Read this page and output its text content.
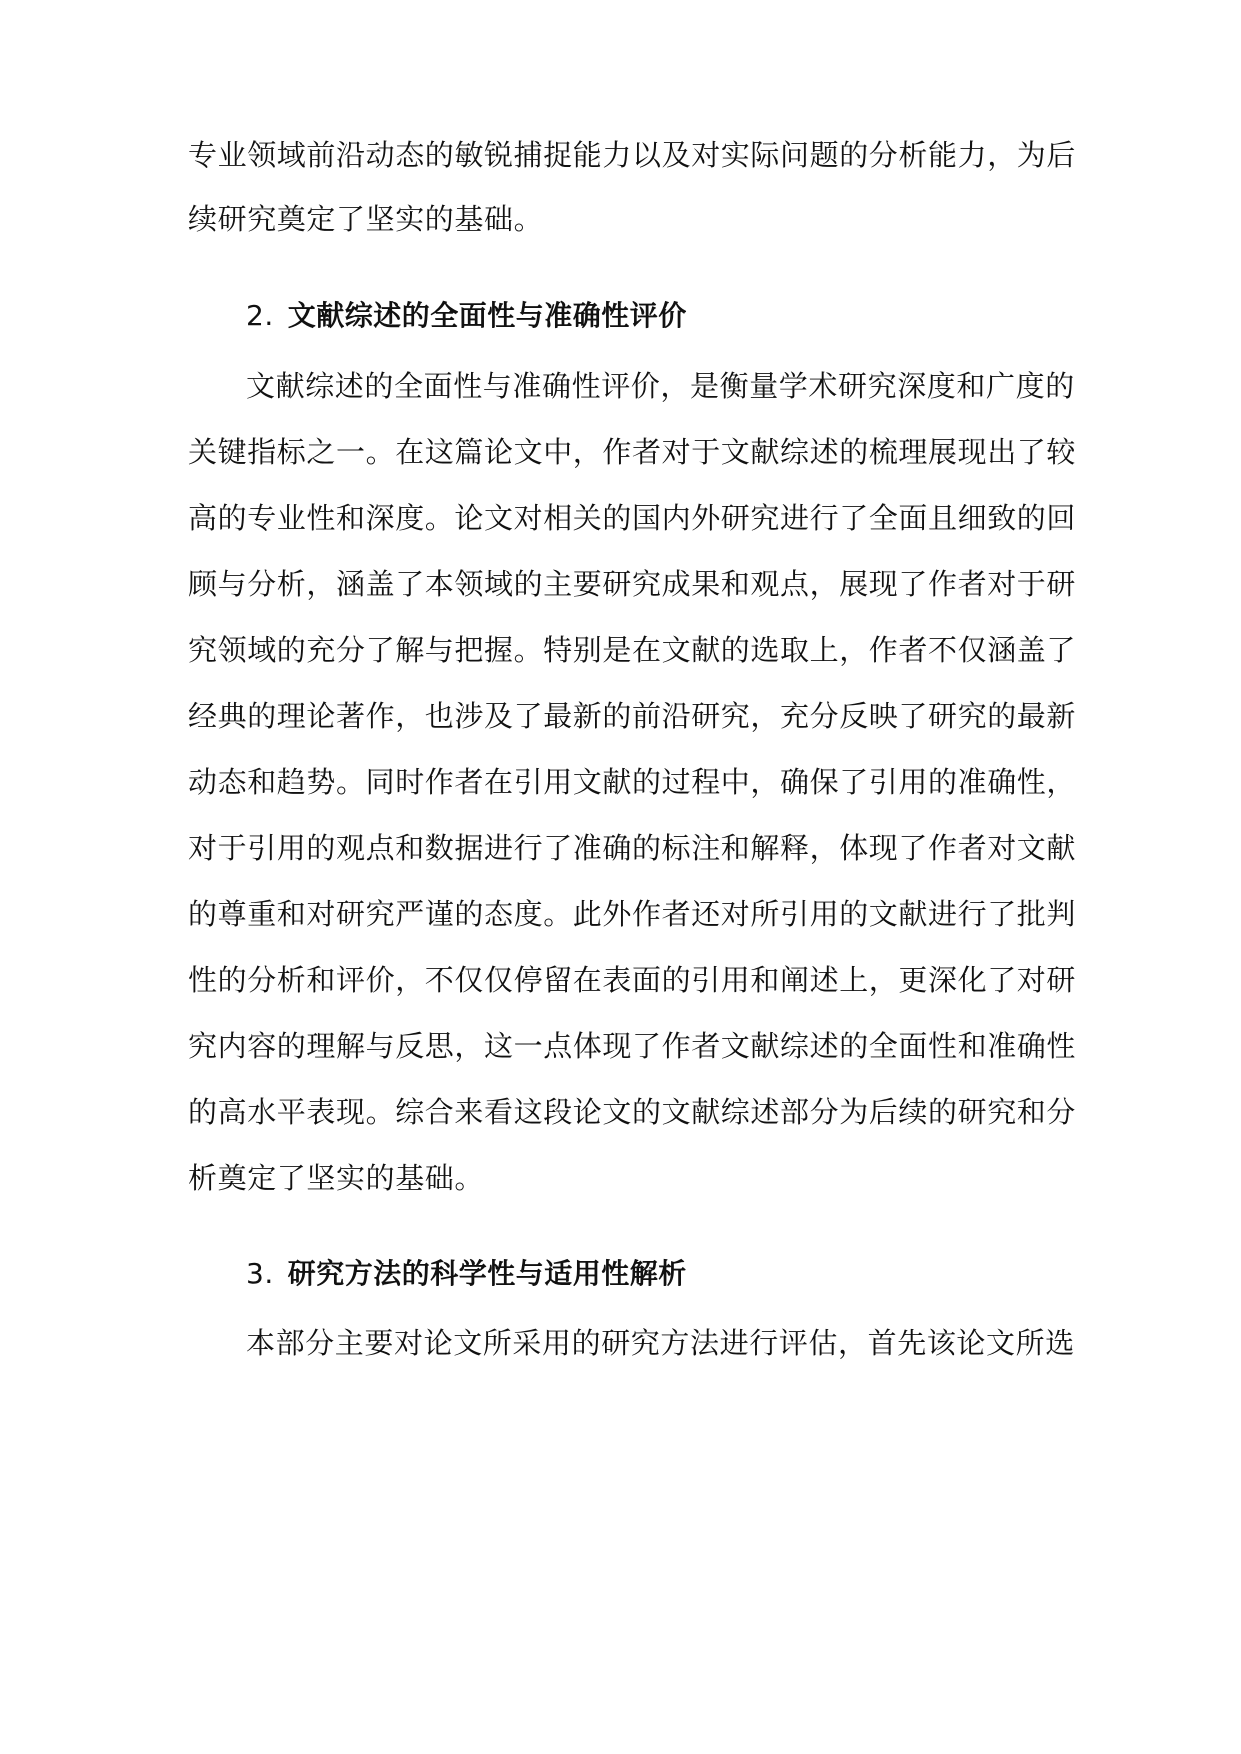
专业领域前沿动态的敏锐捕捉能力以及对实际问题的分析能力，为后
续研究奠定了坚实的基础。
2. 文献综述的全面性与准确性评价
文献综述的全面性与准确性评价，是衡量学术研究深度和广度的
关键指标之一。在这篇论文中，作者对于文献综述的梳理展现出了较
高的专业性和深度。论文对相关的国内外研究进行了全面且细致的回
顾与分析，涵盖了本领域的主要研究成果和观点，展现了作者对于研
究领域的充分了解与把握。特别是在文献的选取上，作者不仅涵盖了
经典的理论著作，也涉及了最新的前沿研究，充分反映了研究的最新
动态和趋势。同时作者在引用文献的过程中，确保了引用的准确性，
对于引用的观点和数据进行了准确的标注和解释，体现了作者对文献
的尊重和对研究严谨的态度。此外作者还对所引用的文献进行了批判
性的分析和评价，不仅仅停留在表面的引用和阐述上，更深化了对研
究内容的理解与反思，这一点体现了作者文献综述的全面性和准确性
的高水平表现。综合来看这段论文的文献综述部分为后续的研究和分
析奠定了坚实的基础。
3. 研究方法的科学性与适用性解析
本部分主要对论文所采用的研究方法进行评估，首先该论文所选
